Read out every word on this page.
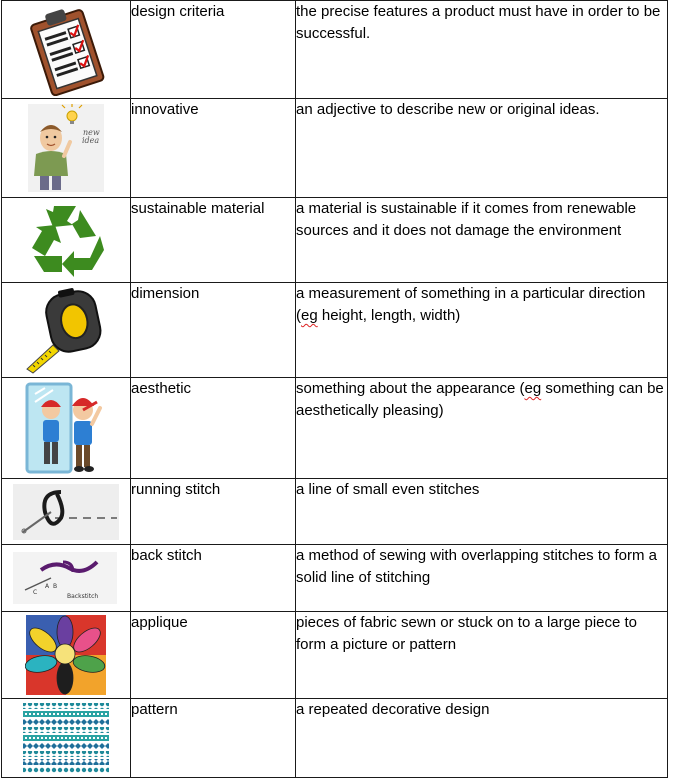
	design criteria	the precise features a product must have in order to be successful.

new
idea	innovative	an adjective to describe new or original ideas.

	sustainable material	a material is sustainable if it comes from renewable sources and it does not damage the environment

	dimension	a measurement of something in a particular direction (eg height, length, width)

	aesthetic	something about the appearance (eg something can be aesthetically pleasing)

	running stitch	a line of small even stitches

A B
C
Backstitch	back stitch	a method of sewing with overlapping stitches to form a solid line of stitching

	applique	pieces of fabric sewn or stuck on to a large piece to form a picture or pattern

	pattern	a repeated decorative design
